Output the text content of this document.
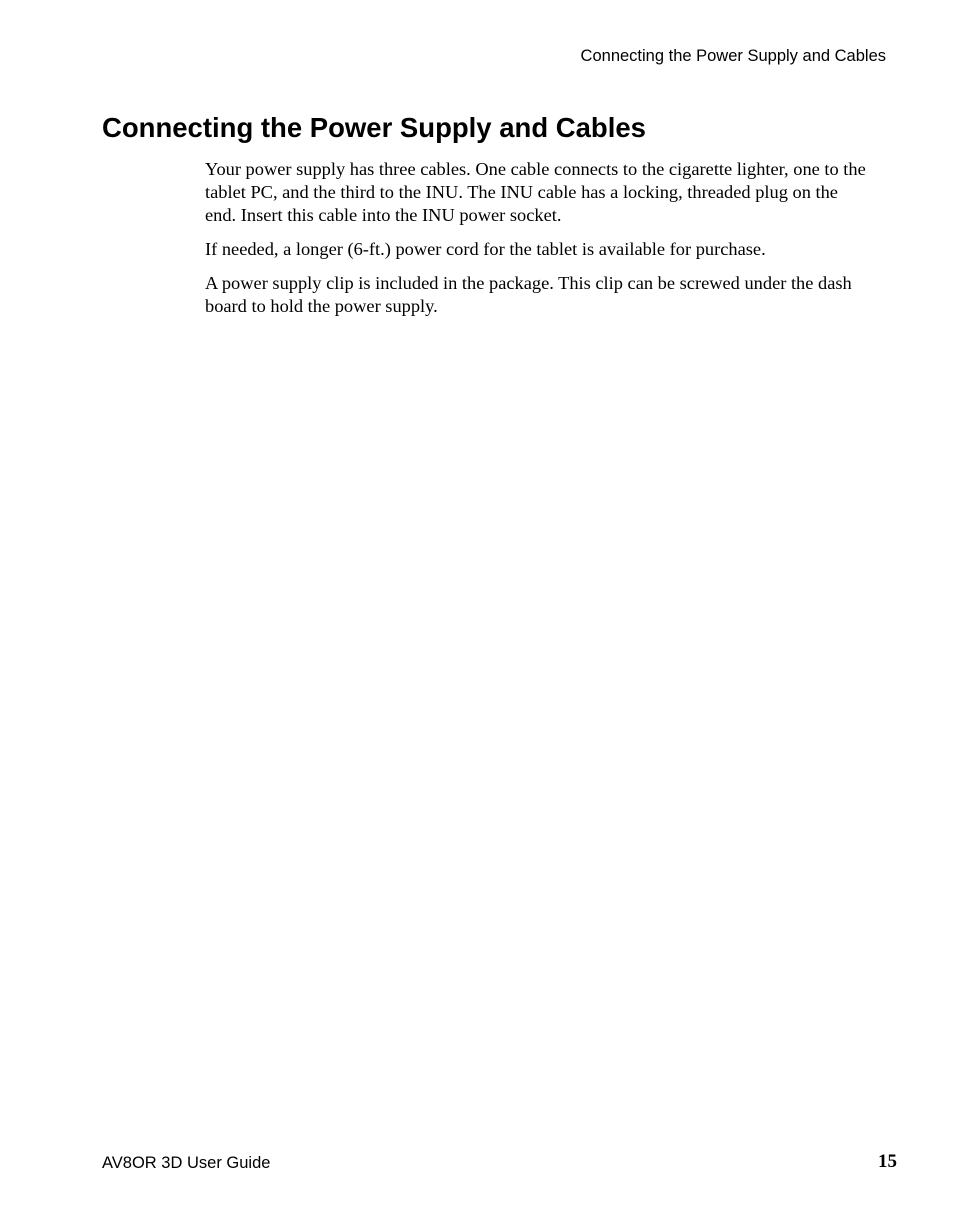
Connecting the Power Supply and Cables
Connecting the Power Supply and Cables

Your power supply has three cables. One cable connects to the cigarette lighter, one to the tablet PC, and the third to the INU. The INU cable has a locking, threaded plug on the end. Insert this cable into the INU power socket.

If needed, a longer (6-ft.) power cord for the tablet is available for purchase.

A power supply clip is included in the package. This clip can be screwed under the dash board to hold the power supply.

AV8OR 3D User Guide	15
